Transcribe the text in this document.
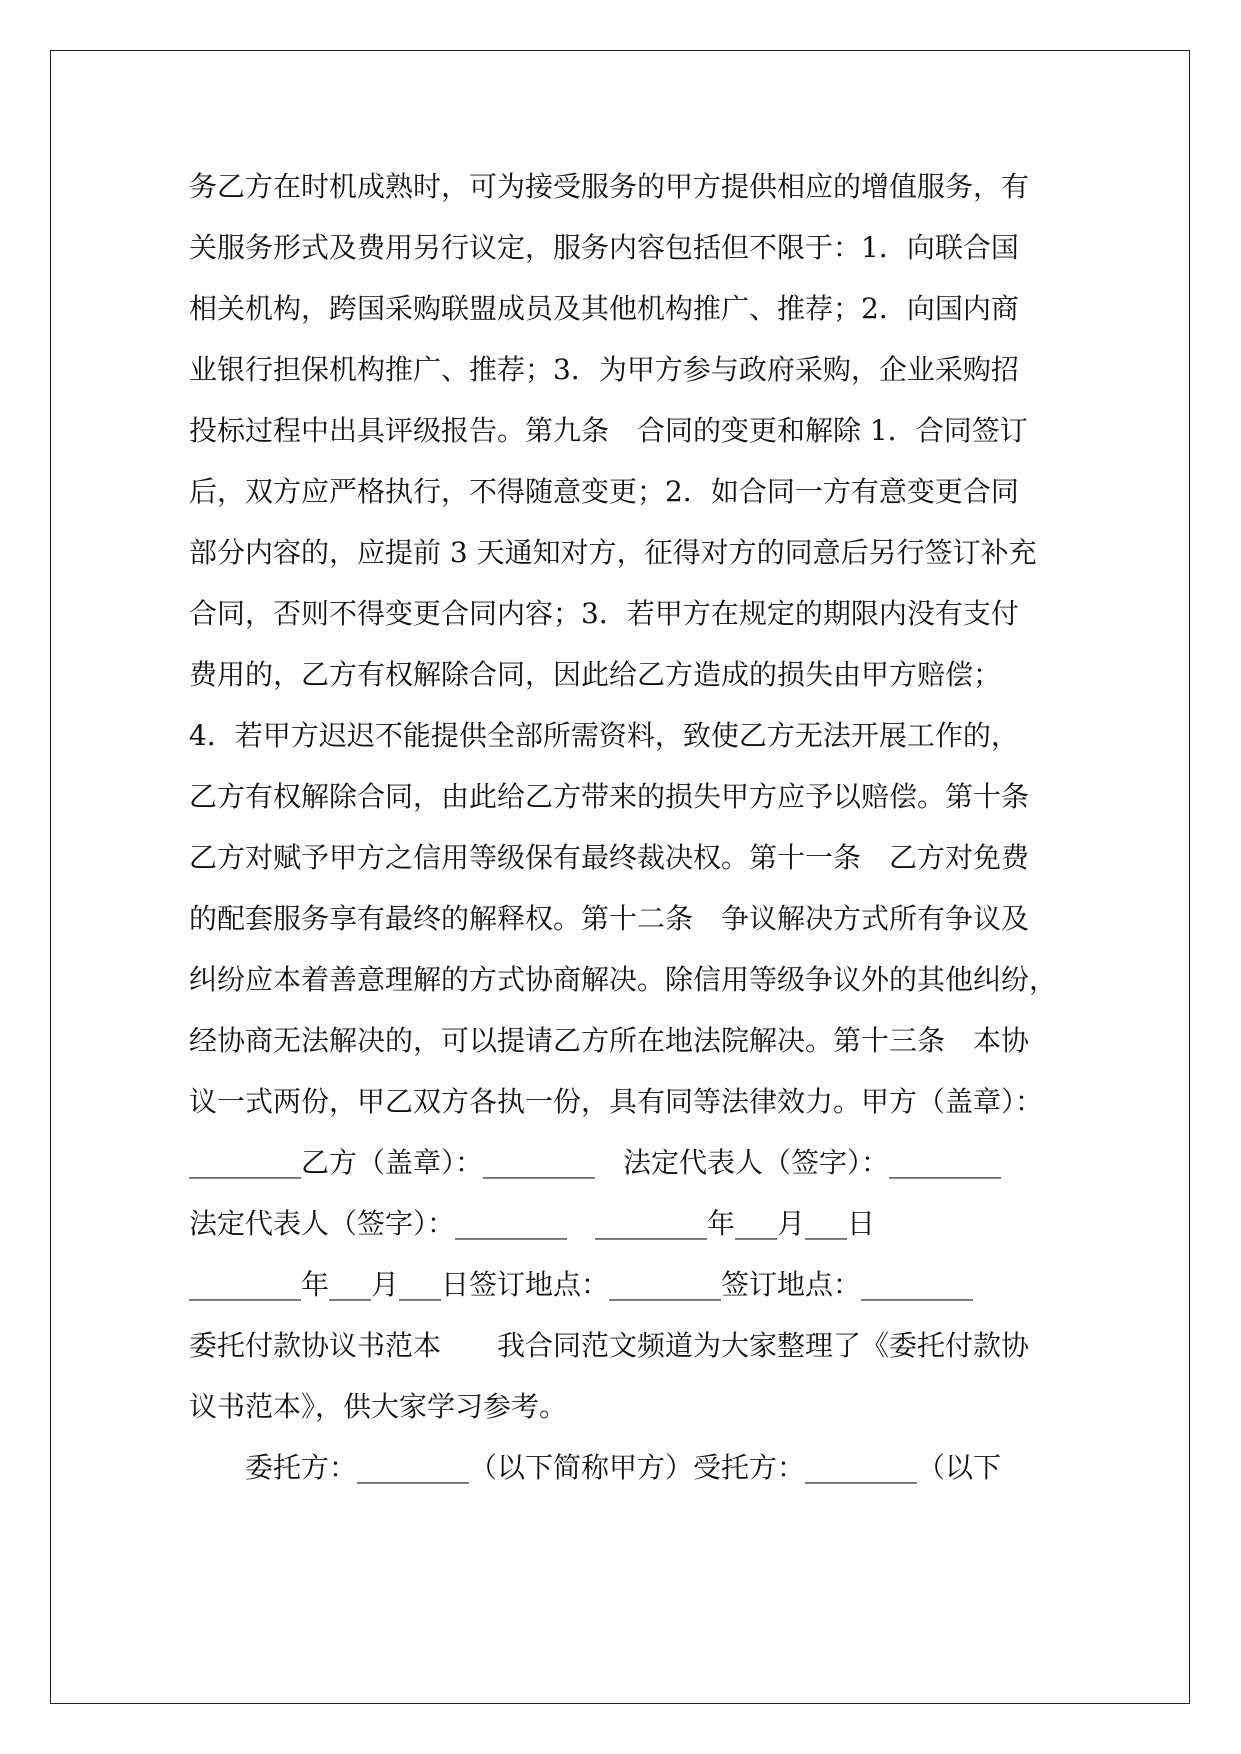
务乙方在时机成熟时，可为接受服务的甲方提供相应的增值服务，有
关服务形式及费用另行议定，服务内容包括但不限于：1．向联合国
相关机构，跨国采购联盟成员及其他机构推广、推荐；2．向国内商
业银行担保机构推广、推荐；3．为甲方参与政府采购，企业采购招
投标过程中出具评级报告。第九条　合同的变更和解除 1．合同签订
后，双方应严格执行，不得随意变更；2．如合同一方有意变更合同
部分内容的，应提前 3 天通知对方，征得对方的同意后另行签订补充
合同，否则不得变更合同内容；3．若甲方在规定的期限内没有支付
费用的，乙方有权解除合同，因此给乙方造成的损失由甲方赔偿；
4．若甲方迟迟不能提供全部所需资料，致使乙方无法开展工作的，
乙方有权解除合同，由此给乙方带来的损失甲方应予以赔偿。第十条
乙方对赋予甲方之信用等级保有最终裁决权。第十一条　乙方对免费
的配套服务享有最终的解释权。第十二条　争议解决方式所有争议及
纠纷应本着善意理解的方式协商解决。除信用等级争议外的其他纠纷，
经协商无法解决的，可以提请乙方所在地法院解决。第十三条　本协
议一式两份，甲乙双方各执一份，具有同等法律效力。甲方（盖章）：
________乙方（盖章）：________　法定代表人（签字）：________
法定代表人（签字）：________　________年___月___日
________年___月___日签订地点：________签订地点：________
委托付款协议书范本　　我合同范文频道为大家整理了《委托付款协
议书范本》，供大家学习参考。
　　委托方：________（以下简称甲方）受托方：________（以下
